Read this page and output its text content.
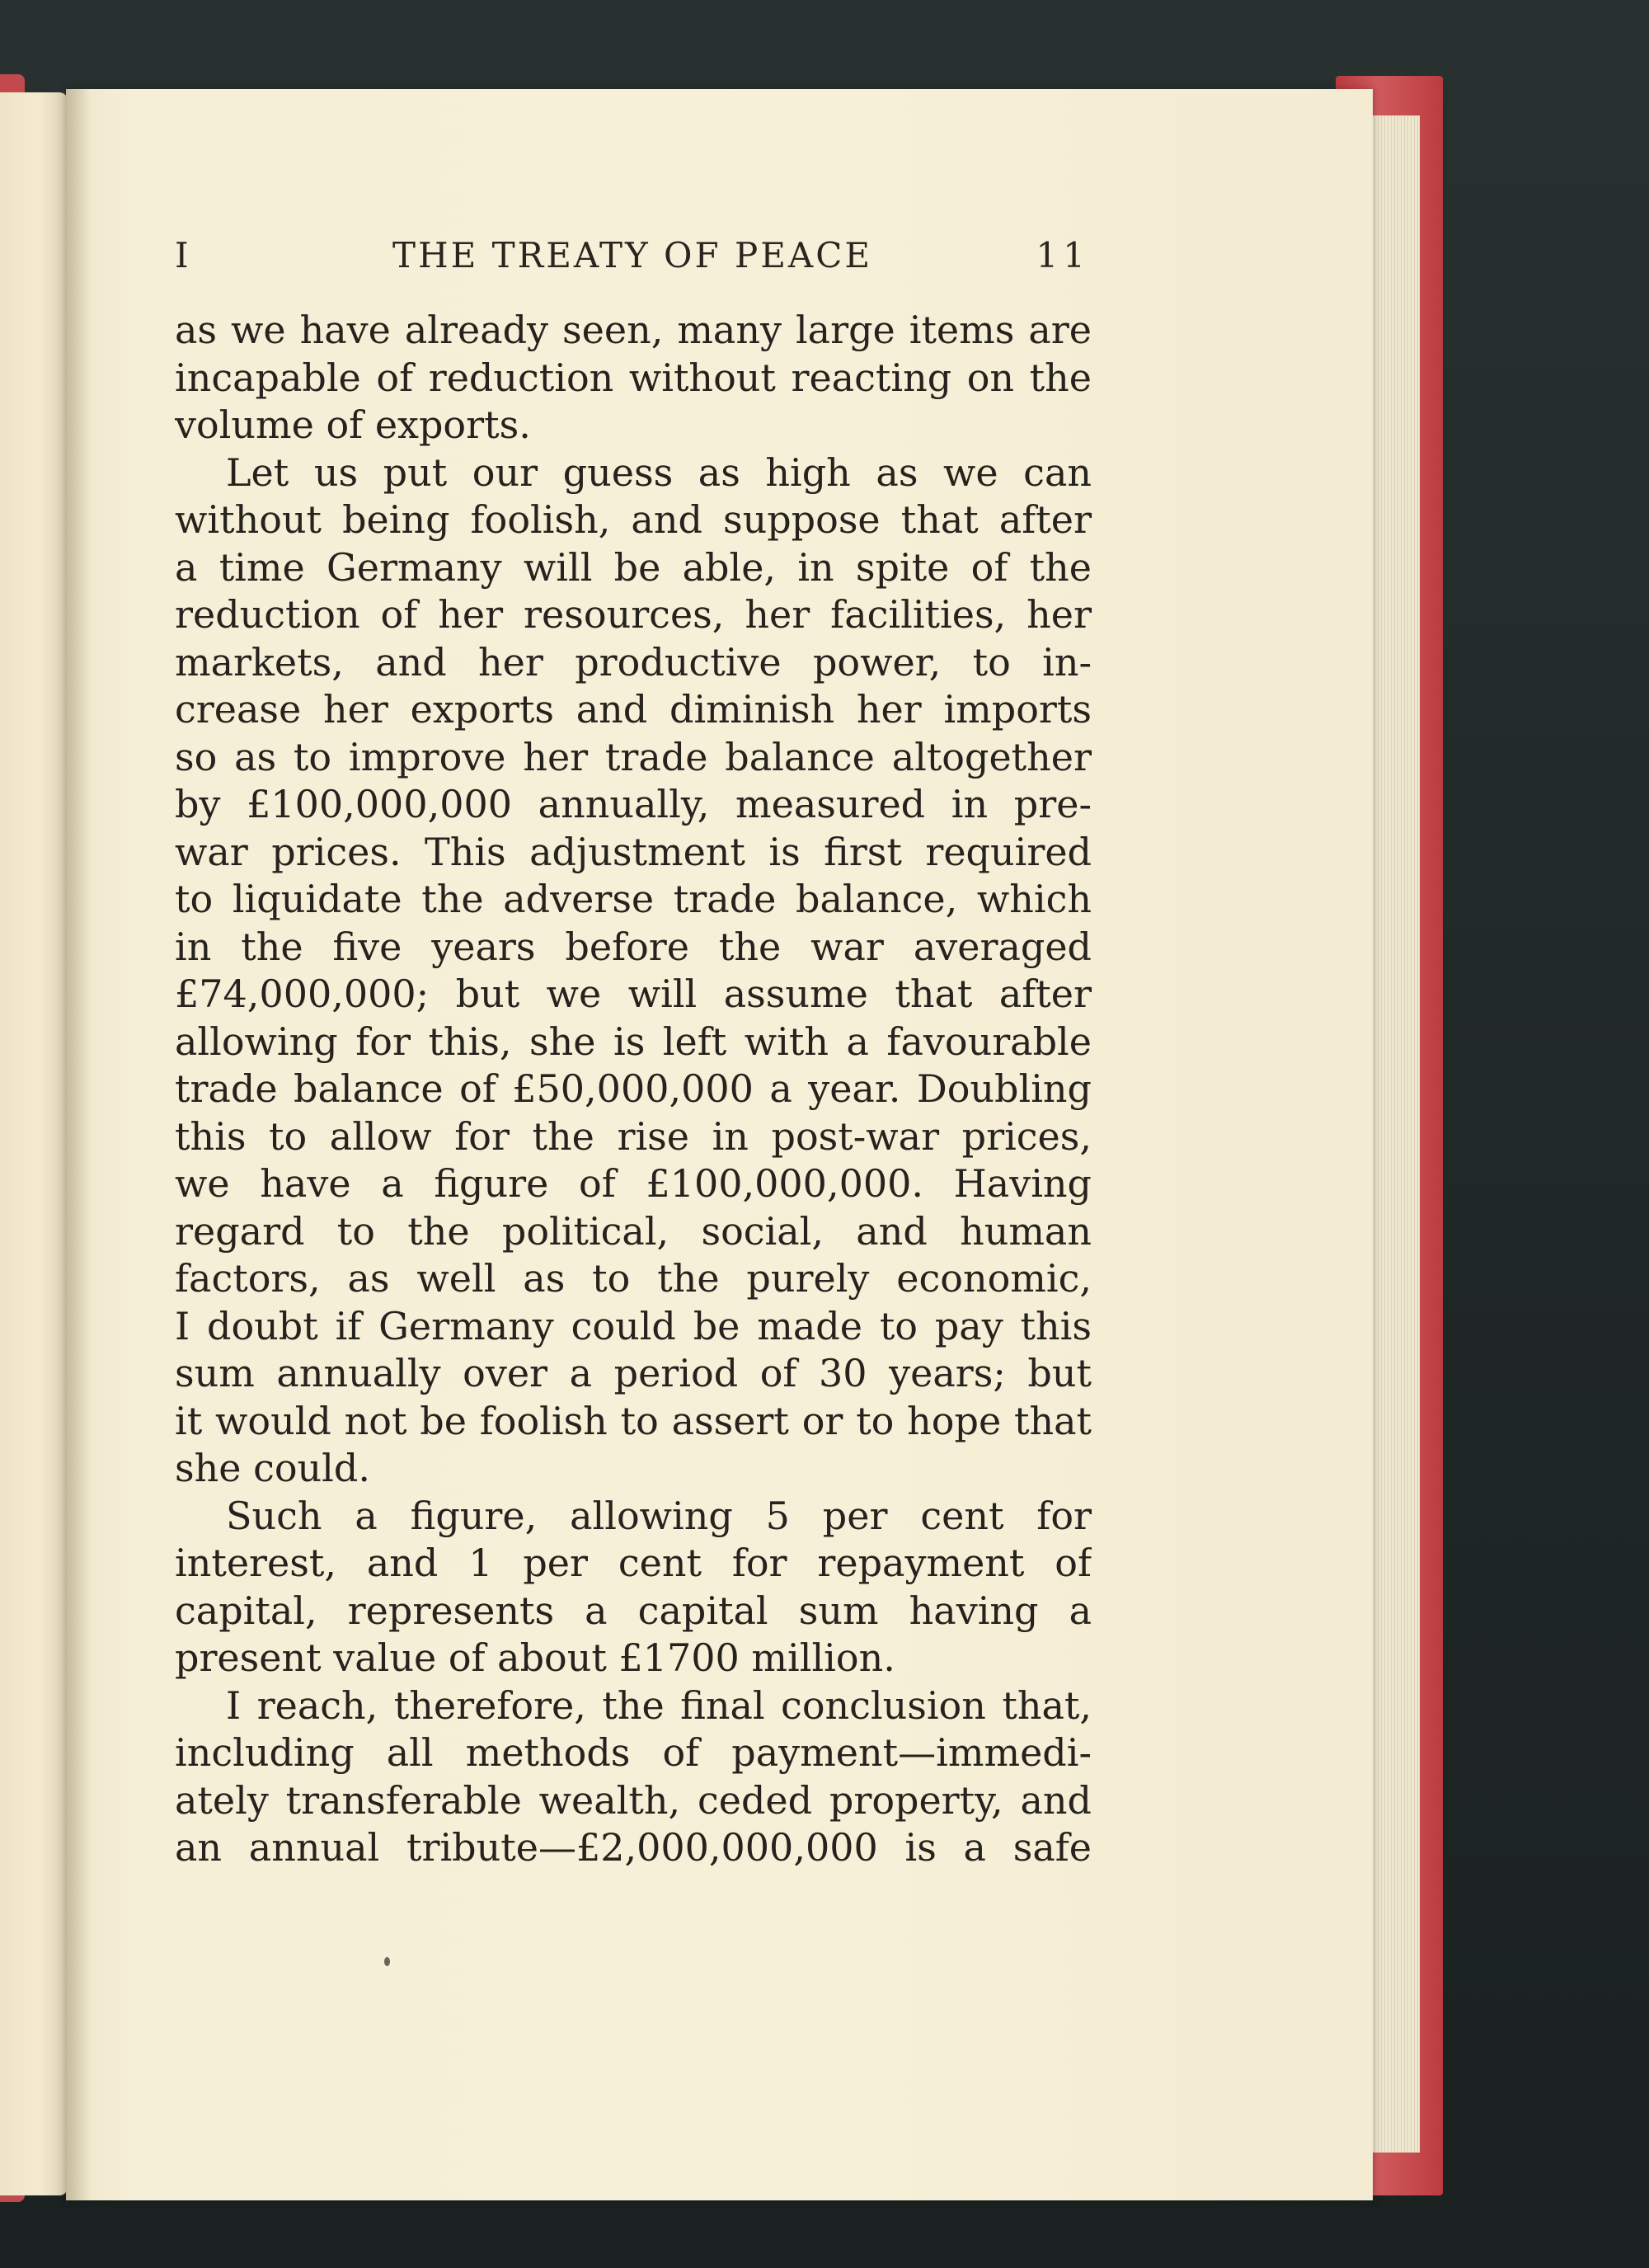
I	THE TREATY OF PEACE	11
as we have already seen, many large items are
incapable of reduction without reacting on the
volume of exports.
Let us put our guess as high as we can
without being foolish, and suppose that after
a time Germany will be able, in spite of the
reduction of her resources, her facilities, her
markets, and her productive power, to in-
crease her exports and diminish her imports
so as to improve her trade balance altogether
by £100,000,000 annually, measured in pre-
war prices. This adjustment is first required
to liquidate the adverse trade balance, which
in the five years before the war averaged
£74,000,000; but we will assume that after
allowing for this, she is left with a favourable
trade balance of £50,000,000 a year. Doubling
this to allow for the rise in post-war prices,
we have a figure of £100,000,000. Having
regard to the political, social, and human
factors, as well as to the purely economic,
I doubt if Germany could be made to pay this
sum annually over a period of 30 years; but
it would not be foolish to assert or to hope that
she could.
Such a figure, allowing 5 per cent for
interest, and 1 per cent for repayment of
capital, represents a capital sum having a
present value of about £1700 million.
I reach, therefore, the final conclusion that,
including all methods of payment—immedi-
ately transferable wealth, ceded property, and
an annual tribute—£2,000,000,000 is a safe
